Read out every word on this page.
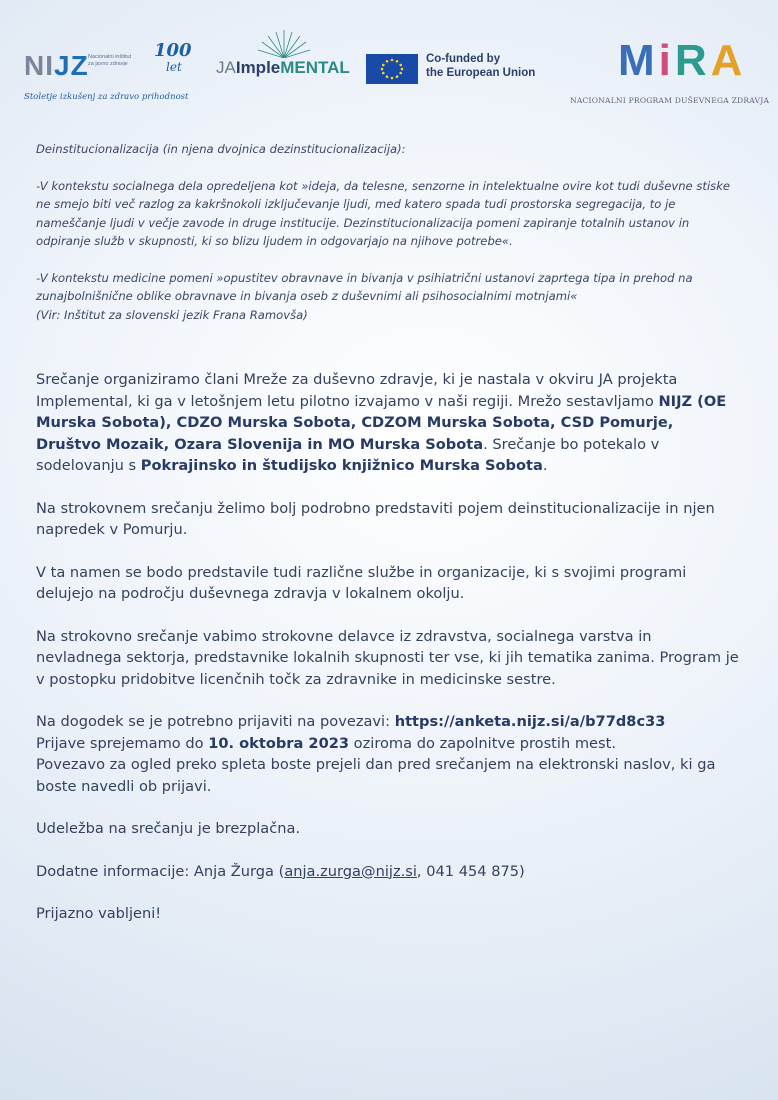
NIJZ Nacionalni inštitut
za javno zdravje
100
let
Stoletje izkušenj za zdravo prihodnost
JAImpleMENTAL	Co-funded by
the European Union MiRA
NACIONALNI PROGRAM DUŠEVNEGA ZDRAVJA

Deinstitucionalizacija (in njena dvojnica dezinstitucionalizacija):

-V kontekstu socialnega dela opredeljena kot »ideja, da telesne, senzorne in intelektualne ovire kot tudi duševne stiske ne smejo biti več razlog za kakršnokoli izključevanje ljudi, med katero spada tudi prostorska segregacija, to je nameščanje ljudi v večje zavode in druge institucije. Dezinstitucionalizacija pomeni zapiranje totalnih ustanov in odpiranje služb v skupnosti, ki so blizu ljudem in odgovarjajo na njihove potrebe«.

-V kontekstu medicine pomeni »opustitev obravnave in bivanja v psihiatrični ustanovi zaprtega tipa in prehod na zunajbolnišnične oblike obravnave in bivanja oseb z duševnimi ali psihosocialnimi motnjami«
(Vir: Inštitut za slovenski jezik Frana Ramovša)

Srečanje organiziramo člani Mreže za duševno zdravje, ki je nastala v okviru JA projekta Implemental, ki ga v letošnjem letu pilotno izvajamo v naši regiji. Mrežo sestavljamo NIJZ (OE Murska Sobota), CDZO Murska Sobota, CDZOM Murska Sobota, CSD Pomurje, Društvo Mozaik, Ozara Slovenija in MO Murska Sobota. Srečanje bo potekalo v sodelovanju s Pokrajinsko in študijsko knjižnico Murska Sobota.

Na strokovnem srečanju želimo bolj podrobno predstaviti pojem deinstitucionalizacije in njen napredek v Pomurju.

V ta namen se bodo predstavile tudi različne službe in organizacije, ki s svojimi programi delujejo na področju duševnega zdravja v lokalnem okolju.

Na strokovno srečanje vabimo strokovne delavce iz zdravstva, socialnega varstva in nevladnega sektorja, predstavnike lokalnih skupnosti ter vse, ki jih tematika zanima. Program je v postopku pridobitve licenčnih točk za zdravnike in medicinske sestre.

Na dogodek se je potrebno prijaviti na povezavi: https://anketa.nijz.si/a/b77d8c33
Prijave sprejemamo do 10. oktobra 2023 oziroma do zapolnitve prostih mest.
Povezavo za ogled preko spleta boste prejeli dan pred srečanjem na elektronski naslov, ki ga boste navedli ob prijavi.

Udeležba na srečanju je brezplačna.

Dodatne informacije: Anja Žurga (anja.zurga@nijz.si, 041 454 875)

Prijazno vabljeni!
